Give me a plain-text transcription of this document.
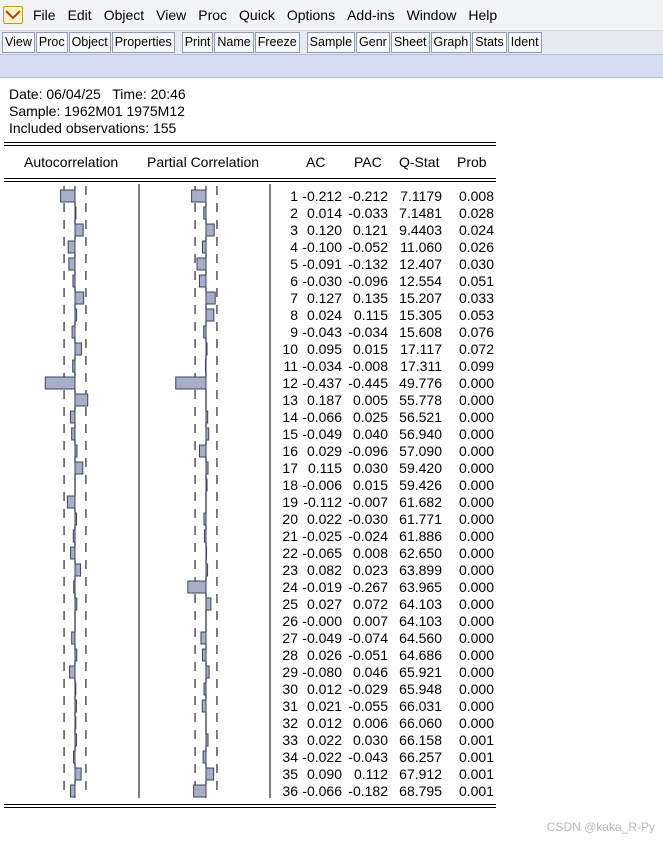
File Edit Object View Proc Quick Options Add-ins Window Help
View Proc Object Properties Print Name Freeze Sample Genr Sheet Graph Stats Ident
Date: 06/04/25   Time: 20:46
Sample: 1962M01 1975M12
Included observations: 155
Autocorrelation Partial Correlation	AC PAC Q-Stat Prob
1 -0.212 -0.212 7.1179	0.008
2 0.014 -0.033 7.1481	0.028
3 0.120 0.121 9.4403	0.024
4 -0.100 -0.052 11.060	0.026
5 -0.091 -0.132 12.407	0.030
6 -0.030 -0.096 12.554	0.051
7 0.127 0.135 15.207	0.033
8 0.024 0.115 15.305	0.053
9 -0.043 -0.034 15.608	0.076
10 0.095 0.015 17.117	0.072
11 -0.034 -0.008 17.311	0.099
12 -0.437 -0.445 49.776	0.000
13 0.187 0.005 55.778	0.000
14 -0.066 0.025 56.521	0.000
15 -0.049 0.040 56.940	0.000
16 0.029 -0.096 57.090	0.000
17 0.115 0.030 59.420	0.000
18 -0.006 0.015 59.426	0.000
19 -0.112 -0.007 61.682	0.000
20 0.022 -0.030 61.771	0.000
21 -0.025 -0.024 61.886	0.000
22 -0.065 0.008 62.650	0.000
23 0.082 0.023 63.899	0.000
24 -0.019 -0.267 63.965	0.000
25 0.027 0.072 64.103	0.000
26 -0.000 0.007 64.103	0.000
27 -0.049 -0.074 64.560	0.000
28 0.026 -0.051 64.686	0.000
29 -0.080 0.046 65.921	0.000
30 0.012 -0.029 65.948	0.000
31 0.021 -0.055 66.031	0.000
32 0.012 0.006 66.060	0.000
33 0.022 0.030 66.158	0.001
34 -0.022 -0.043 66.257	0.001
35 0.090 0.112 67.912	0.001
36 -0.066 -0.182 68.795	0.001
CSDN @kaka_R-Py
